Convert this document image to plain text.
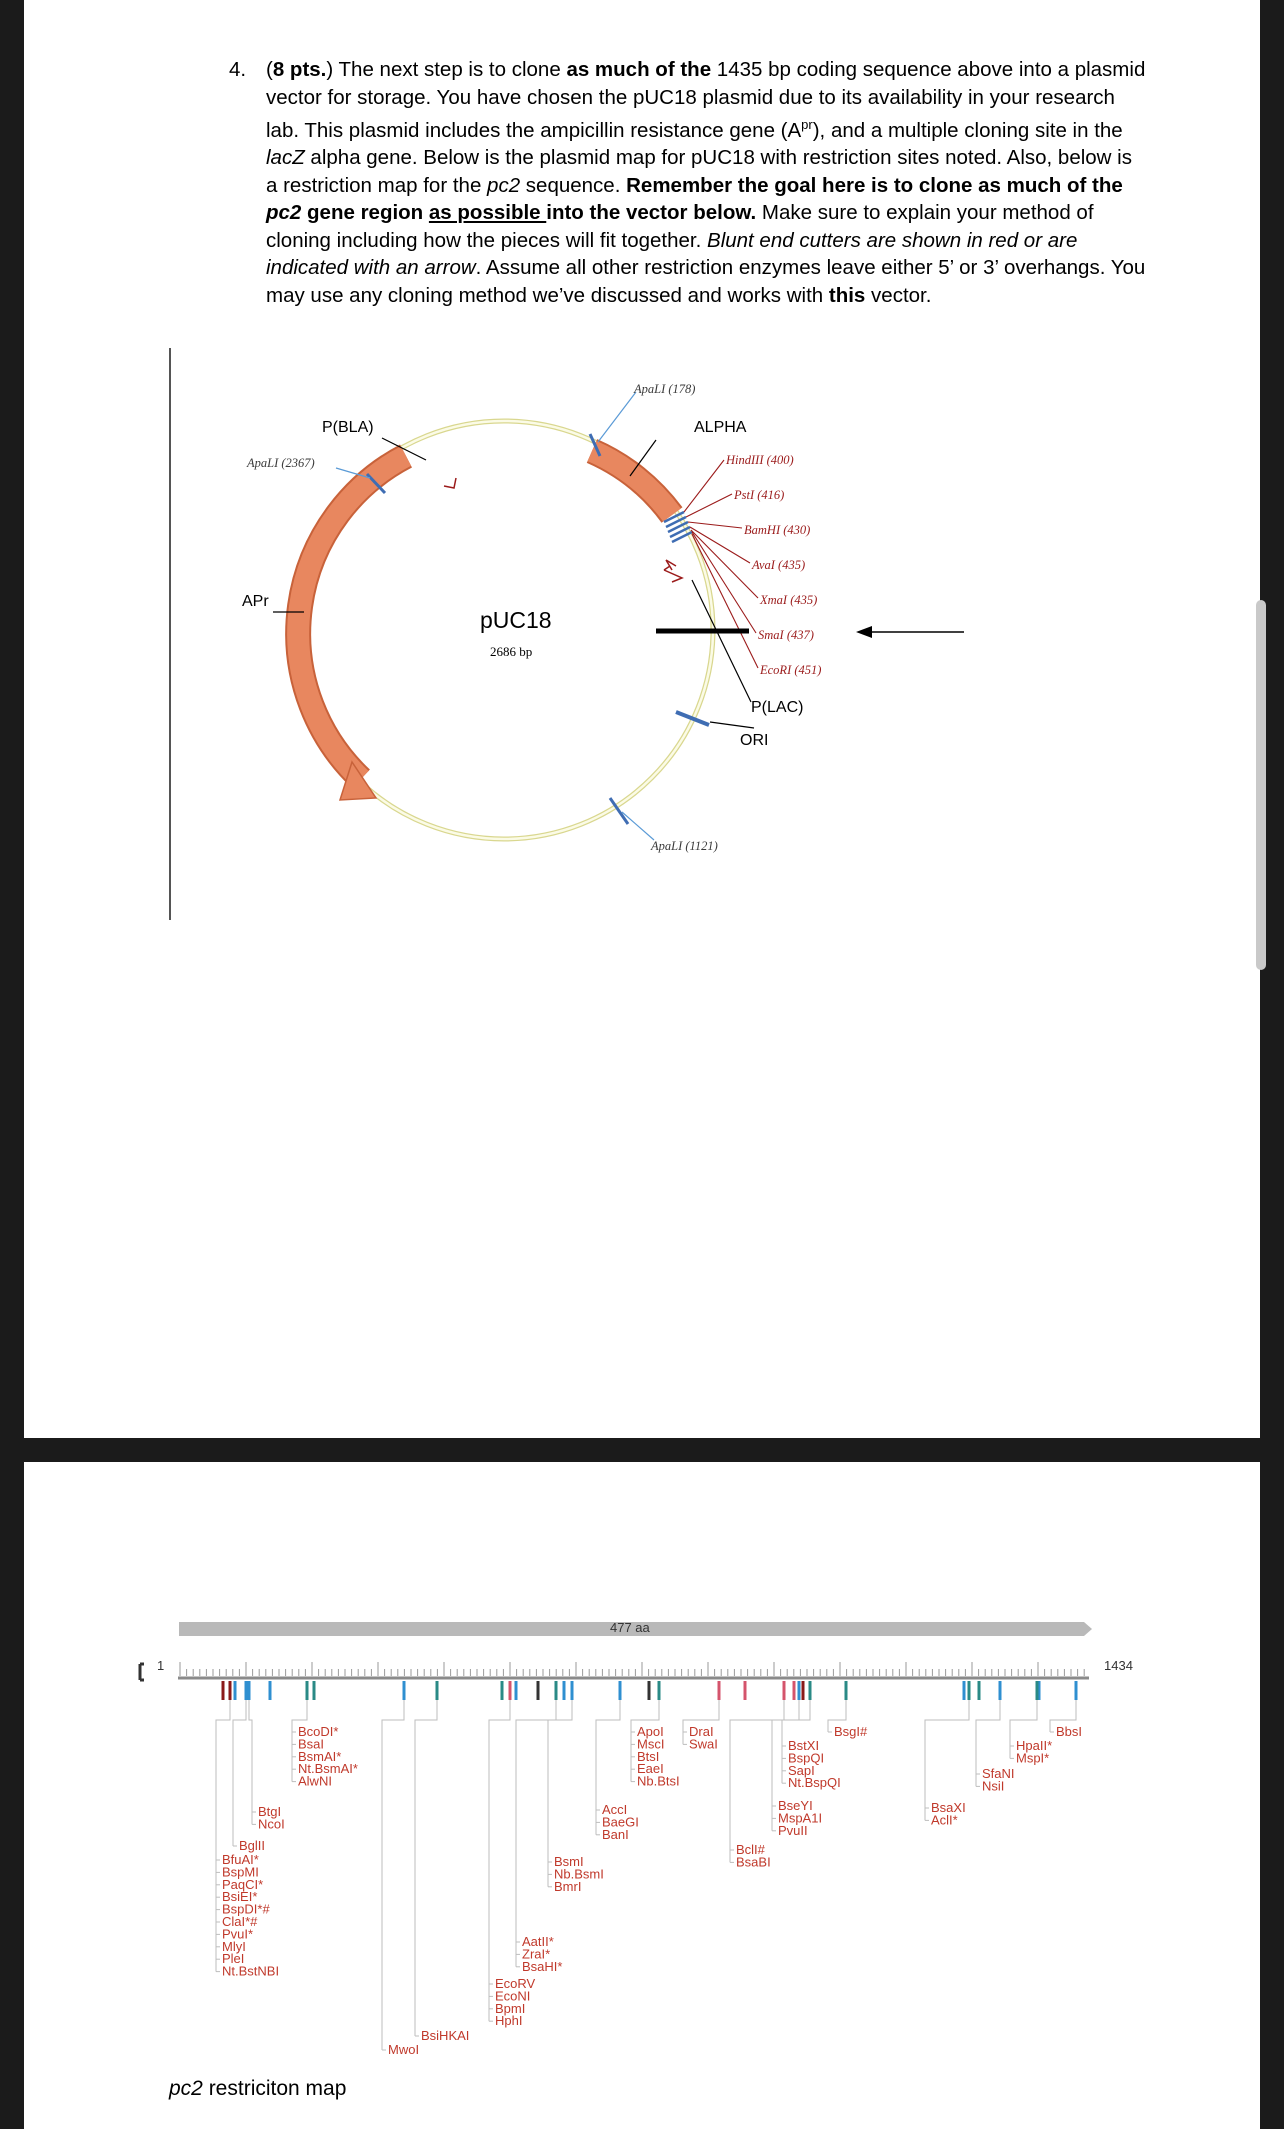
4. (8 pts.) The next step is to clone as much of the 1435 bp coding sequence above into a plasmid vector for storage. You have chosen the pUC18 plasmid due to its availability in your research lab. This plasmid includes the ampicillin resistance gene $(A^{pr})$, and a multiple cloning site in the lacZ alpha gene. Below is the plasmid map for pUC18 with restriction sites noted. Also, below is a restriction map for the pc2 sequence. Remember the goal here is to clone as much of the pc2 gene region as possible into the vector below. Make sure to explain your method of cloning including how the pieces will fit together. Blunt end cutters are shown in red or are indicated with an arrow. Assume all other restriction enzymes leave either 5’ or 3’ overhangs. You may use any cloning method we’ve discussed and works with this vector.
P(BLA)
APr
ALPHA
P(LAC)
ORI
pUC18
2686 bp
ApaLI (178)
ApaLI (2367)
ApaLI (1121)
HindIII (400)
PstI (416)
BamHI (430)
AvaI (435)
XmaI (435)
SmaI (437)
EcoRI (451)
477 aa
1	1434
BcoDI*
BsaI
BsmAI*
Nt.BsmAI*
AlwNI
BtgI
NcoI
BglII
BfuAI*
BspMI
PaqCI*
BsiEI*
BspDI*#
ClaI*#
PvuI*
MlyI
PleI
Nt.BstNBI
BsiHKAI
MwoI
ApoI
MscI
BtsI
EaeI
Nb.BtsI
DraI
SwaI
AccI
BaeGI
BanI
BsmI
Nb.BsmI
BmrI
AatII*
ZraI*
BsaHI*
EcoRV
EcoNI
BpmI
HphI
BsgI#
BstXI
BspQI
SapI
Nt.BspQI
BseYI
MspA1I
PvuII
BclI#
BsaBI
BbsI
HpaII*
MspI*
SfaNI
NsiI
BsaXI
AclI*
pc2 restriciton map
